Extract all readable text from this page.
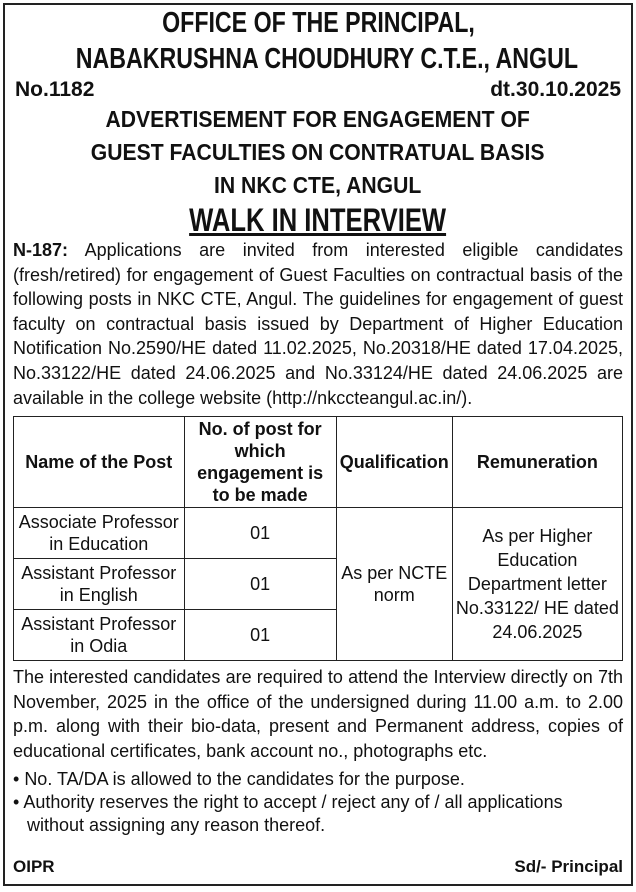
OFFICE OF THE PRINCIPAL,
NABAKRUSHNA CHOUDHURY C.T.E., ANGUL
No.1182	dt.30.10.2025
ADVERTISEMENT FOR ENGAGEMENT OF
GUEST FACULTIES ON CONTRATUAL BASIS
IN NKC CTE, ANGUL
WALK IN INTERVIEW
N-187: Applications are invited from interested eligible candidates (fresh/retired) for engagement of Guest Faculties on contractual basis of the following posts in NKC CTE, Angul. The guidelines for engagement of guest faculty on contractual basis issued by Department of Higher Education Notification No.2590/HE dated 11.02.2025, No.20318/HE dated 17.04.2025, No.33122/HE dated 24.06.2025 and No.33124/HE dated 24.06.2025 are available in the college website (http://nkccteangul.ac.in/).
Name of the Post	No. of post for which engagement is to be made	Qualification	Remuneration
Associate Professor in Education	01	As per NCTE norm	As per Higher Education Department letter No.33122/ HE dated 24.06.2025
Assistant Professor in English	01		
Assistant Professor in Odia	01		
The interested candidates are required to attend the Interview directly on 7th November, 2025 in the office of the undersigned during 11.00 a.m. to 2.00 p.m. along with their bio-data, present and Permanent address, copies of educational certificates, bank account no., photographs etc.
• No. TA/DA is allowed to the candidates for the purpose.
• Authority reserves the right to accept / reject any of / all applications without assigning any reason thereof.
OIPR	Sd/- Principal
